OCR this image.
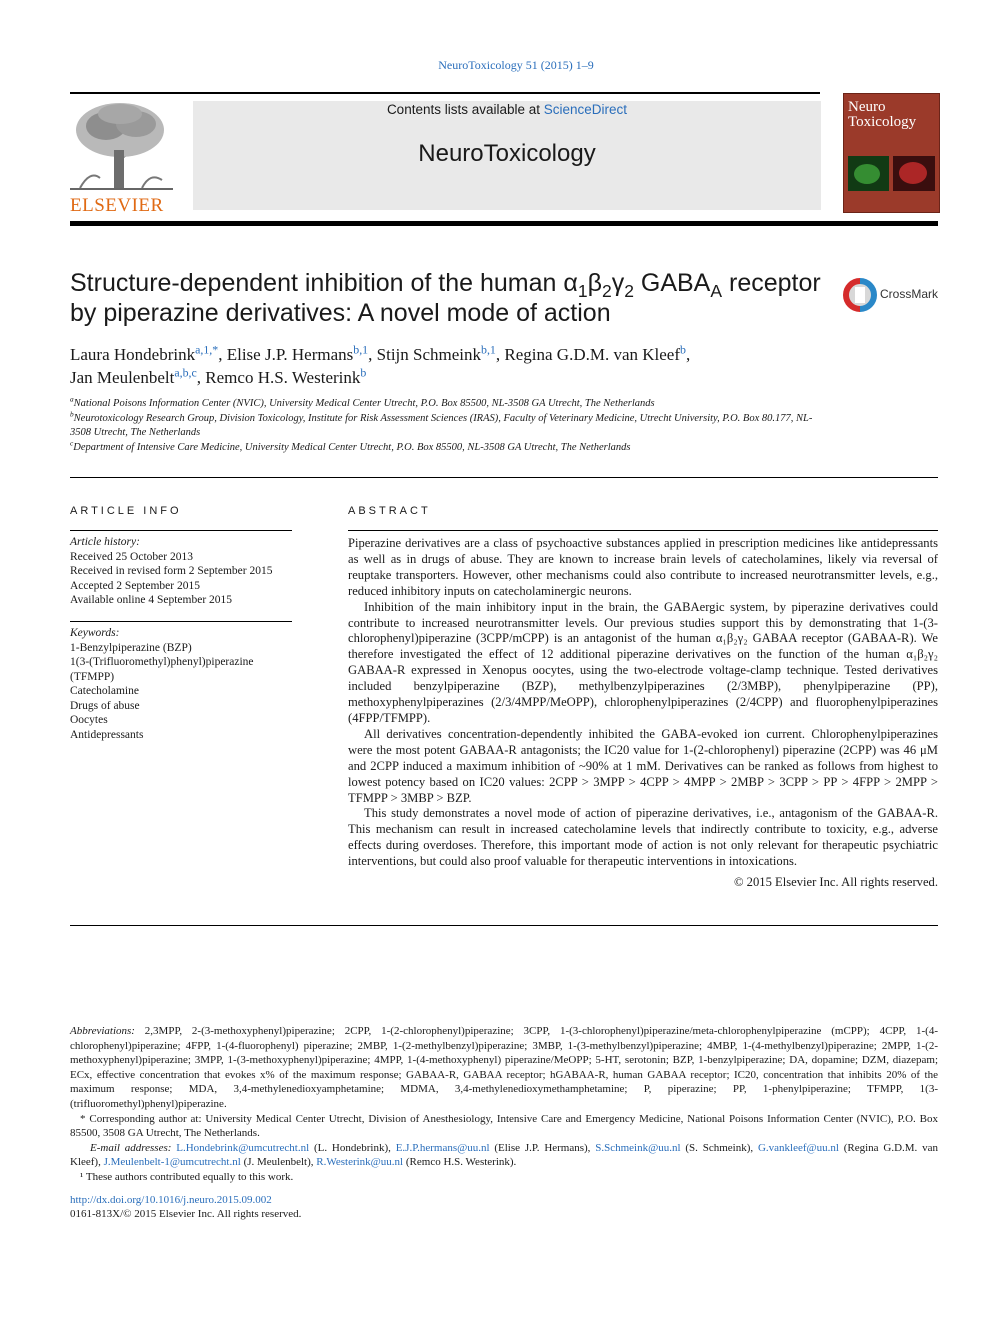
NeuroToxicology 51 (2015) 1–9
ELSEVIER
Contents lists available at ScienceDirect
NeuroToxicology
Neuro
Toxicology
Structure-dependent inhibition of the human $\alpha_1\beta_2\gamma_2$ $GABA_A$ receptor
by piperazine derivatives: A novel mode of action
CrossMark
Laura Hondebrink$^{a,1,*}$, Elise J.P. Hermans$^{b,1}$, Stijn Schmeink$^{b,1}$, Regina G.D.M. van Kleef$^b$,
Jan Meulenbelt$^{a,b,c}$, Remco H.S. Westerink$^b$
$^a$National Poisons Information Center (NVIC), University Medical Center Utrecht, P.O. Box 85500, NL-3508 GA Utrecht, The Netherlands
$^b$Neurotoxicology Research Group, Division Toxicology, Institute for Risk Assessment Sciences (IRAS), Faculty of Veterinary Medicine, Utrecht University, P.O. Box 80.177, NL-3508 Utrecht, The Netherlands
$^c$Department of Intensive Care Medicine, University Medical Center Utrecht, P.O. Box 85500, NL-3508 GA Utrecht, The Netherlands
ARTICLE INFO
Article history:
Received 25 October 2013
Received in revised form 2 September 2015
Accepted 2 September 2015
Available online 4 September 2015
Keywords:
1-Benzylpiperazine (BZP)
1(3-(Trifluoromethyl)phenyl)piperazine (TFMPP)
Catecholamine
Drugs of abuse
Oocytes
Antidepressants
ABSTRACT

Piperazine derivatives are a class of psychoactive substances applied in prescription medicines like antidepressants as well as in drugs of abuse. They are known to increase brain levels of catecholamines, likely via reversal of reuptake transporters. However, other mechanisms could also contribute to increased neurotransmitter levels, e.g., reduced inhibitory inputs on catecholaminergic neurons.

Inhibition of the main inhibitory input in the brain, the GABAergic system, by piperazine derivatives could contribute to increased neurotransmitter levels. Our previous studies support this by demonstrating that 1-(3-chlorophenyl)piperazine (3CPP/mCPP) is an antagonist of the human α₁β₂γ₂ GABAA receptor (GABAA-R). We therefore investigated the effect of 12 additional piperazine derivatives on the function of the human α₁β₂γ₂ GABAA-R expressed in Xenopus oocytes, using the two-electrode voltage-clamp technique. Tested derivatives included benzylpiperazine (BZP), methylbenzylpiperazines (2/3MBP), phenylpiperazine (PP), methoxyphenylpiperazines (2/3/4MPP/MeOPP), chlorophenylpiperazines (2/4CPP) and fluorophenylpiperazines (4FPP/TFMPP).

All derivatives concentration-dependently inhibited the GABA-evoked ion current. Chlorophenylpiperazines were the most potent GABAA-R antagonists; the IC20 value for 1-(2-chlorophenyl) piperazine (2CPP) was 46 μM and 2CPP induced a maximum inhibition of ~90% at 1 mM. Derivatives can be ranked as follows from highest to lowest potency based on IC20 values: 2CPP > 3MPP > 4CPP > 4MPP > 2MBP > 3CPP > PP > 4FPP > 2MPP > TFMPP > 3MBP > BZP.

This study demonstrates a novel mode of action of piperazine derivatives, i.e., antagonism of the GABAA-R. This mechanism can result in increased catecholamine levels that indirectly contribute to toxicity, e.g., adverse effects during overdoses. Therefore, this important mode of action is not only relevant for therapeutic psychiatric interventions, but could also proof valuable for therapeutic interventions in intoxications.

© 2015 Elsevier Inc. All rights reserved.

Abbreviations: 2,3MPP, 2-(3-methoxyphenyl)piperazine; 2CPP, 1-(2-chlorophenyl)piperazine; 3CPP, 1-(3-chlorophenyl)piperazine/meta-chlorophenylpiperazine (mCPP); 4CPP, 1-(4-chlorophenyl)piperazine; 4FPP, 1-(4-fluorophenyl) piperazine; 2MBP, 1-(2-methylbenzyl)piperazine; 3MBP, 1-(3-methylbenzyl)piperazine; 4MBP, 1-(4-methylbenzyl)piperazine; 2MPP, 1-(2-methoxyphenyl)piperazine; 3MPP, 1-(3-methoxyphenyl)piperazine; 4MPP, 1-(4-methoxyphenyl) piperazine/MeOPP; 5-HT, serotonin; BZP, 1-benzylpiperazine; DA, dopamine; DZM, diazepam; ECx, effective concentration that evokes x% of the maximum response; GABAA-R, GABAA receptor; hGABAA-R, human GABAA receptor; IC20, concentration that inhibits 20% of the maximum response; MDA, 3,4-methylenedioxyamphetamine; MDMA, 3,4-methylenedioxymethamphetamine; P, piperazine; PP, 1-phenylpiperazine; TFMPP, 1(3-(trifluoromethyl)phenyl)piperazine.

* Corresponding author at: University Medical Center Utrecht, Division of Anesthesiology, Intensive Care and Emergency Medicine, National Poisons Information Center (NVIC), P.O. Box 85500, 3508 GA Utrecht, The Netherlands.

E-mail addresses: L.Hondebrink@umcutrecht.nl (L. Hondebrink), E.J.P.hermans@uu.nl (Elise J.P. Hermans), S.Schmeink@uu.nl (S. Schmeink), G.vankleef@uu.nl (Regina G.D.M. van Kleef), J.Meulenbelt-1@umcutrecht.nl (J. Meulenbelt), R.Westerink@uu.nl (Remco H.S. Westerink).

¹ These authors contributed equally to this work.

http://dx.doi.org/10.1016/j.neuro.2015.09.002

0161-813X/© 2015 Elsevier Inc. All rights reserved.
